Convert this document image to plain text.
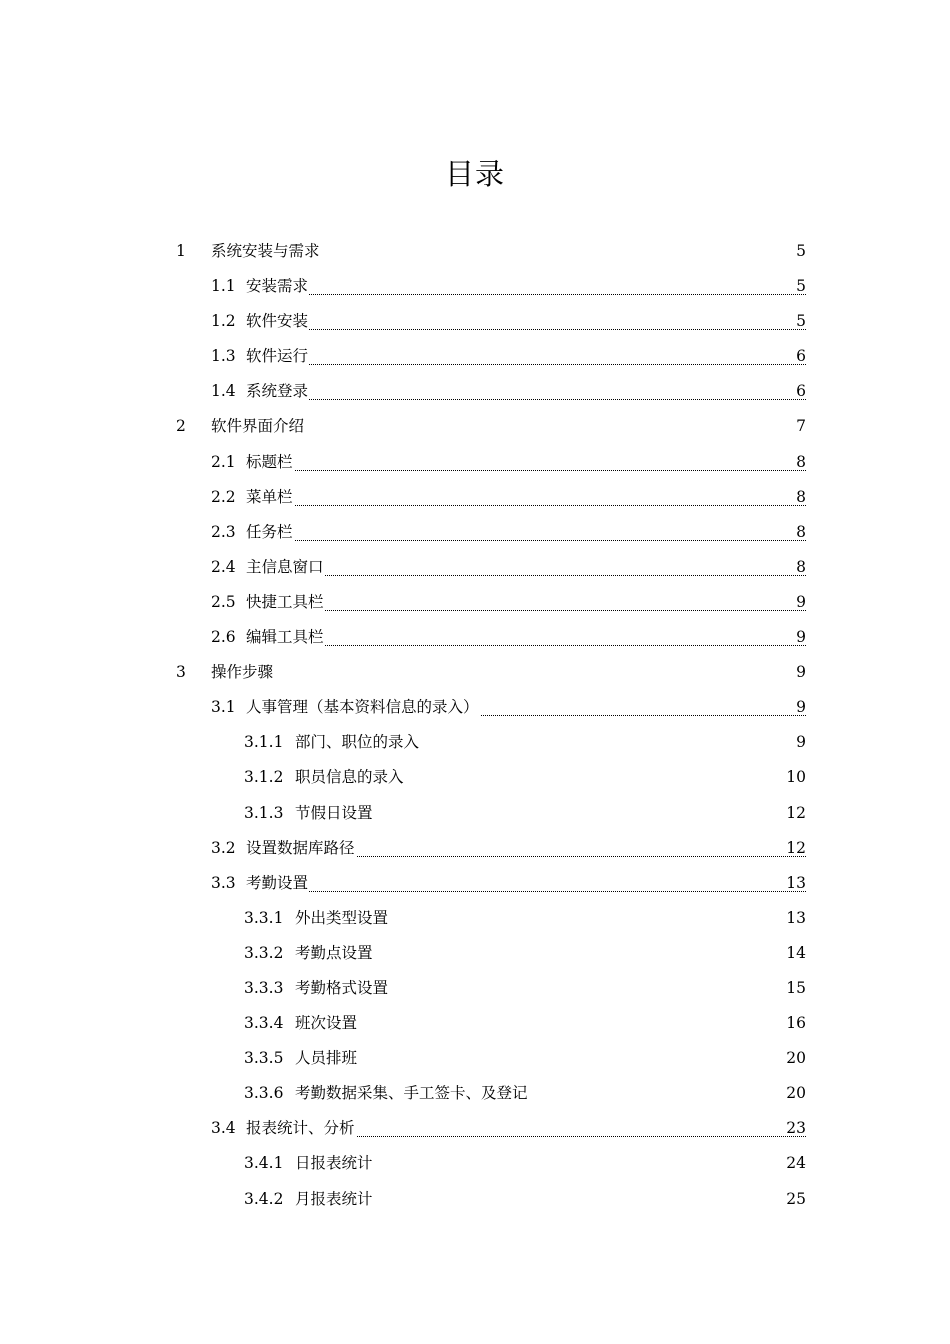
目录
1 系统安装与需求	5
1.1 安装需求	5
1.2 软件安装	5
1.3 软件运行	6
1.4 系统登录	6
2 软件界面介绍	7
2.1 标题栏	8
2.2 菜单栏	8
2.3 任务栏	8
2.4 主信息窗口	8
2.5 快捷工具栏	9
2.6 编辑工具栏	9
3 操作步骤	9
3.1 人事管理（基本资料信息的录入）	9
3.1.1 部门、职位的录入	9
3.1.2 职员信息的录入	10
3.1.3 节假日设置	12
3.2 设置数据库路径	12
3.3 考勤设置	13
3.3.1 外出类型设置	13
3.3.2 考勤点设置	14
3.3.3 考勤格式设置	15
3.3.4 班次设置	16
3.3.5 人员排班	20
3.3.6 考勤数据采集、手工签卡、及登记	20
3.4 报表统计、分析	23
3.4.1 日报表统计	24
3.4.2 月报表统计	25
